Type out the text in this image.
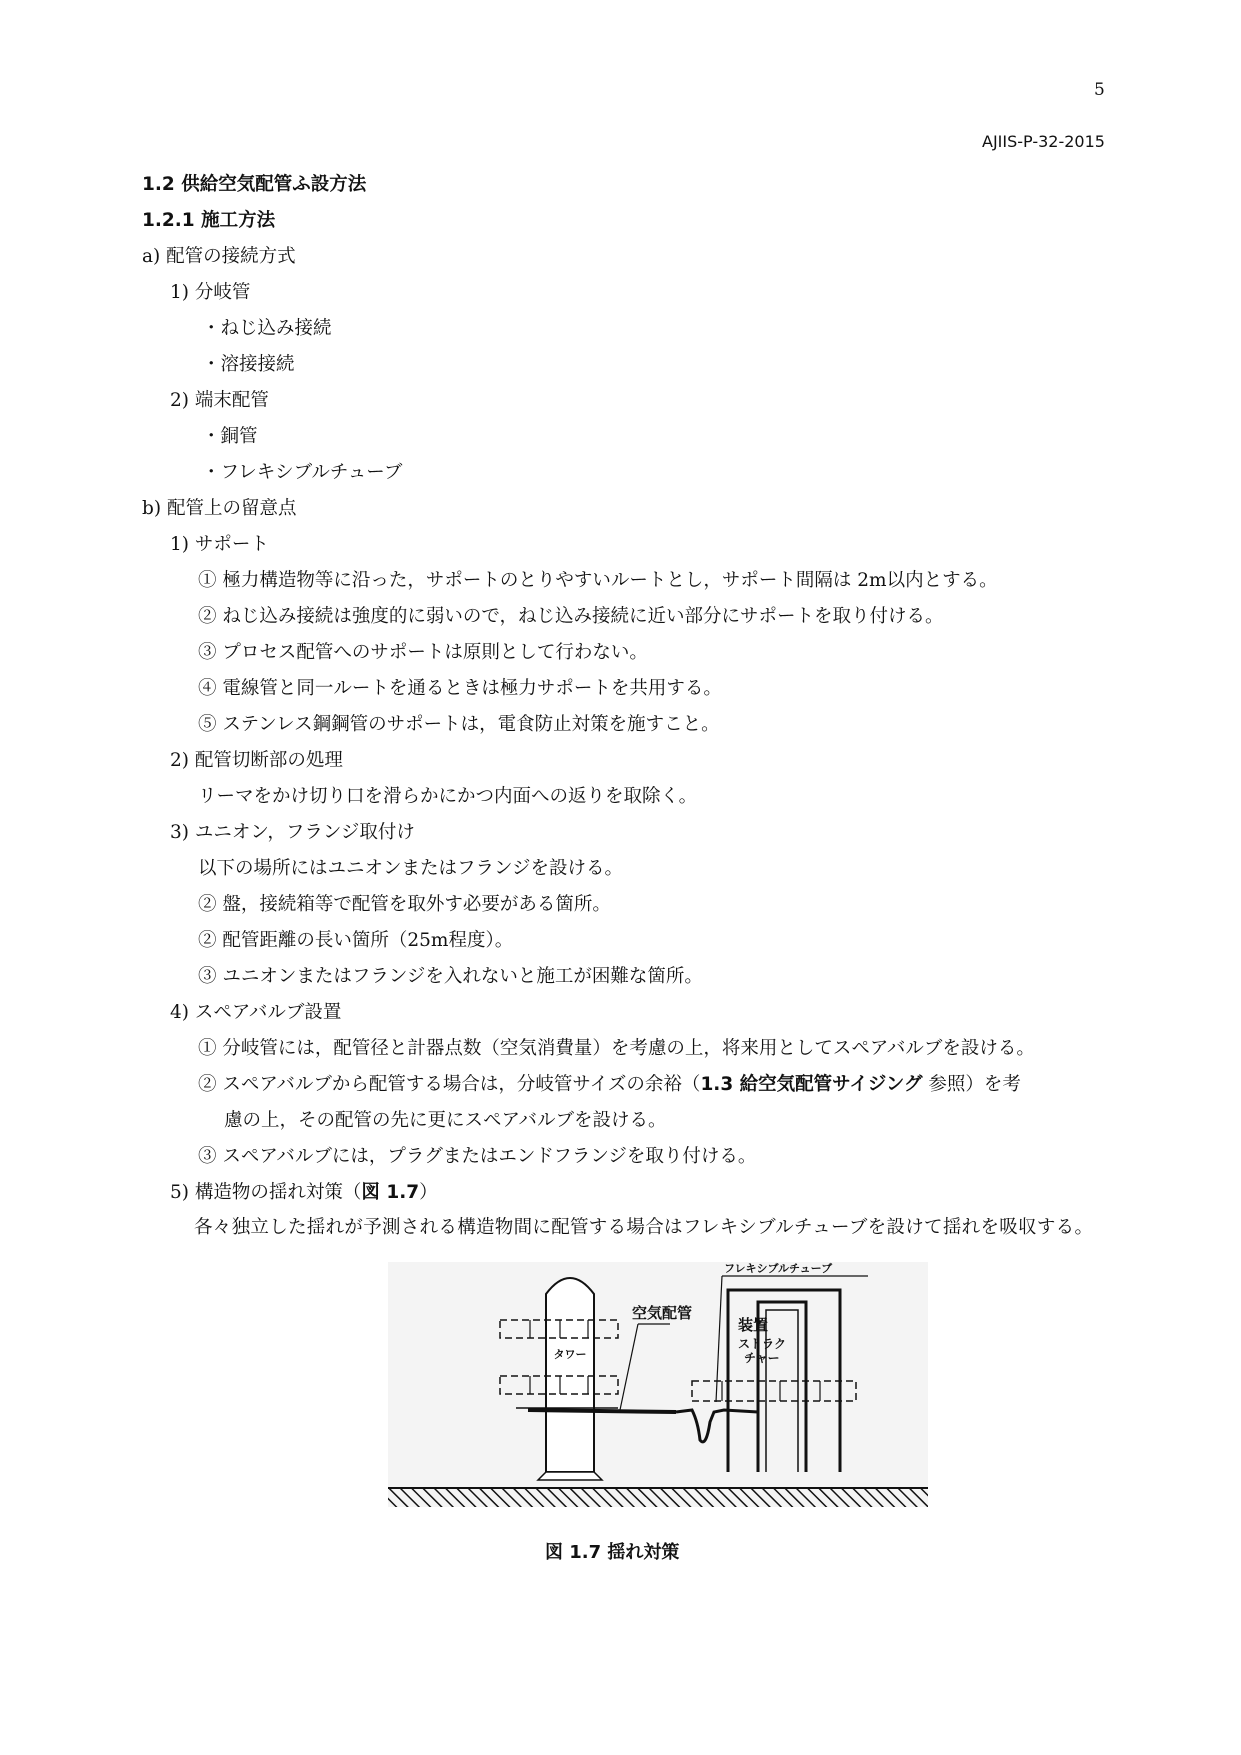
5
AJIIS-P-32-2015
1.2 供給空気配管ふ設方法
1.2.1 施工方法
a) 配管の接続方式
1) 分岐管
・ねじ込み接続
・溶接接続
2) 端末配管
・銅管
・フレキシブルチューブ
b) 配管上の留意点
1) サポート
① 極力構造物等に沿った，サポートのとりやすいルートとし，サポート間隔は 2m以内とする。
② ねじ込み接続は強度的に弱いので，ねじ込み接続に近い部分にサポートを取り付ける。
③ プロセス配管へのサポートは原則として行わない。
④ 電線管と同一ルートを通るときは極力サポートを共用する。
⑤ ステンレス鋼鋼管のサポートは，電食防止対策を施すこと。
2) 配管切断部の処理
リーマをかけ切り口を滑らかにかつ内面への返りを取除く。
3) ユニオン，フランジ取付け
以下の場所にはユニオンまたはフランジを設ける。
② 盤，接続箱等で配管を取外す必要がある箇所。
② 配管距離の長い箇所（25m程度）。
③ ユニオンまたはフランジを入れないと施工が困難な箇所。
4) スペアバルブ設置
① 分岐管には，配管径と計器点数（空気消費量）を考慮の上，将来用としてスペアバルブを設ける。
② スペアバルブから配管する場合は，分岐管サイズの余裕（1.3 給空気配管サイジング 参照）を考
慮の上，その配管の先に更にスペアバルブを設ける。
③ スペアバルブには，プラグまたはエンドフランジを取り付ける。
5) 構造物の揺れ対策（図 1.7）
各々独立した揺れが予測される構造物間に配管する場合はフレキシブルチューブを設けて揺れを吸収する。
タワー
装置
ストラク
チャー
空気配管
フレキシブルチューブ
図 1.7 揺れ対策
